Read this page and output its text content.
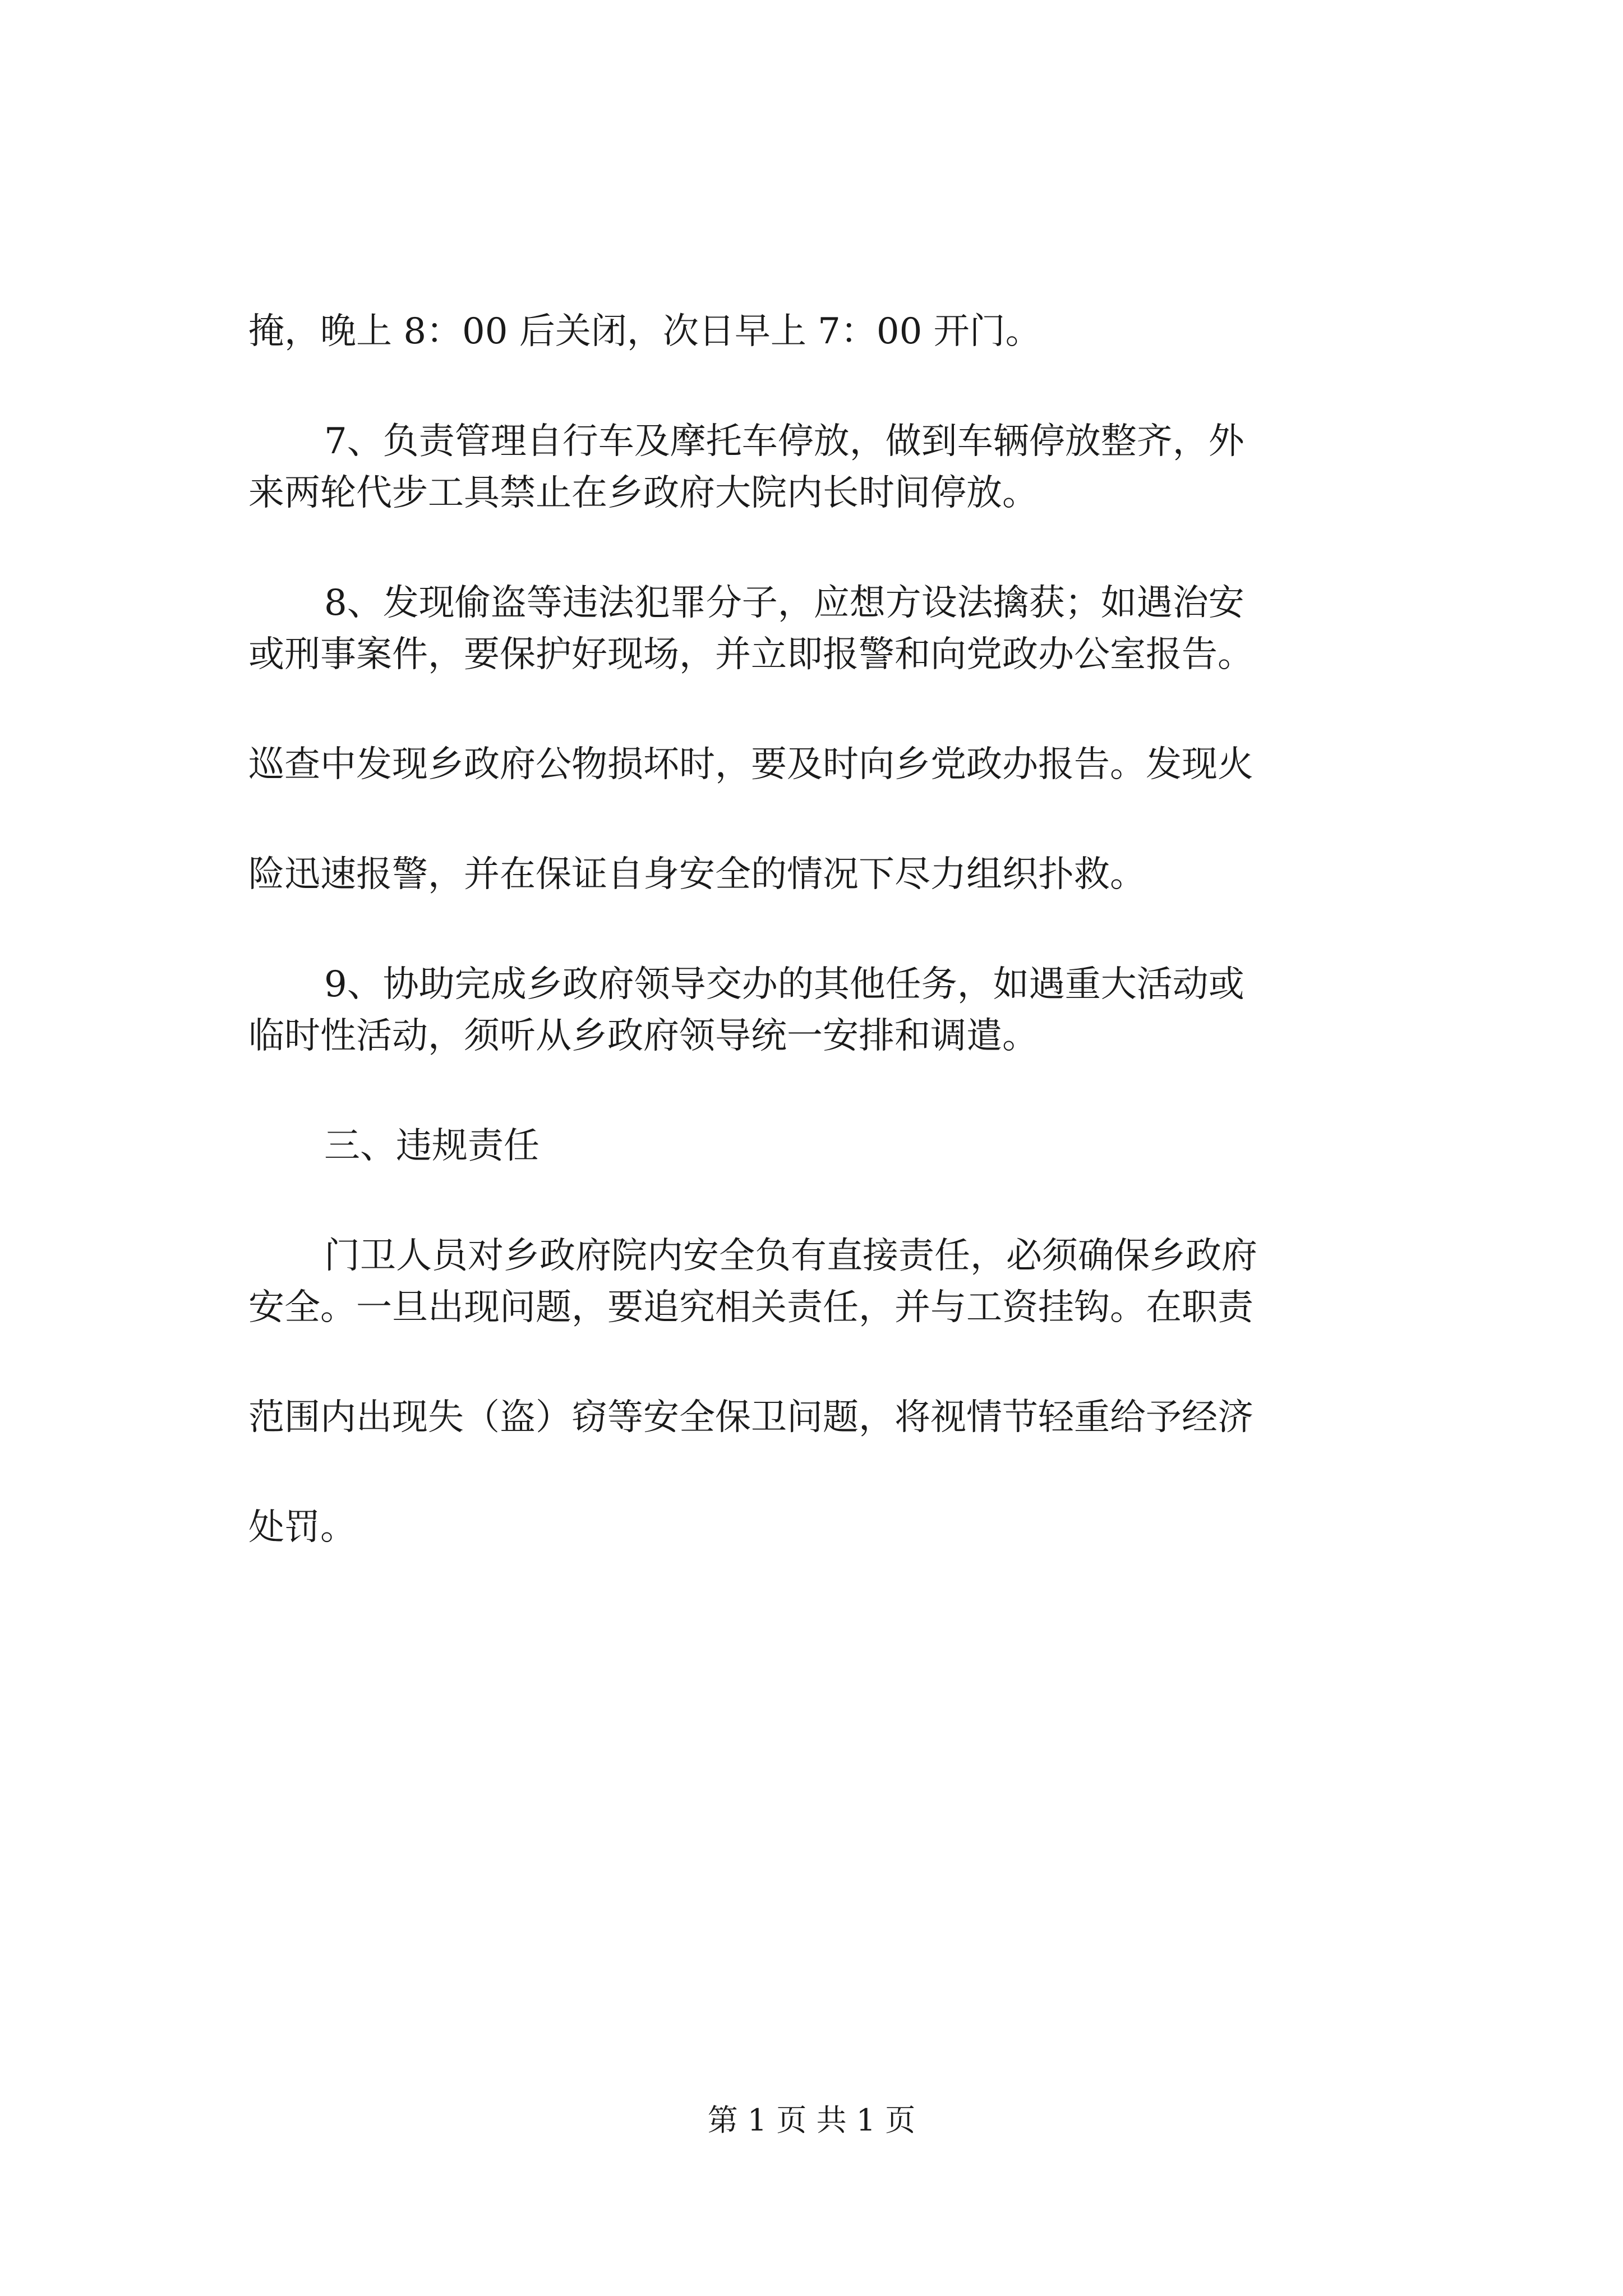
掩，晚上 8：00 后关闭，次日早上 7：00 开门。
7、负责管理自行车及摩托车停放，做到车辆停放整齐，外
来两轮代步工具禁止在乡政府大院内长时间停放。
8、发现偷盗等违法犯罪分子，应想方设法擒获；如遇治安
或刑事案件，要保护好现场，并立即报警和向党政办公室报告。
巡查中发现乡政府公物损坏时，要及时向乡党政办报告。发现火
险迅速报警，并在保证自身安全的情况下尽力组织扑救。
9、协助完成乡政府领导交办的其他任务，如遇重大活动或
临时性活动，须听从乡政府领导统一安排和调遣。
三、违规责任
门卫人员对乡政府院内安全负有直接责任，必须确保乡政府
安全。一旦出现问题，要追究相关责任，并与工资挂钩。在职责
范围内出现失（盗）窃等安全保卫问题，将视情节轻重给予经济
处罚。
第 1 页 共 1 页
